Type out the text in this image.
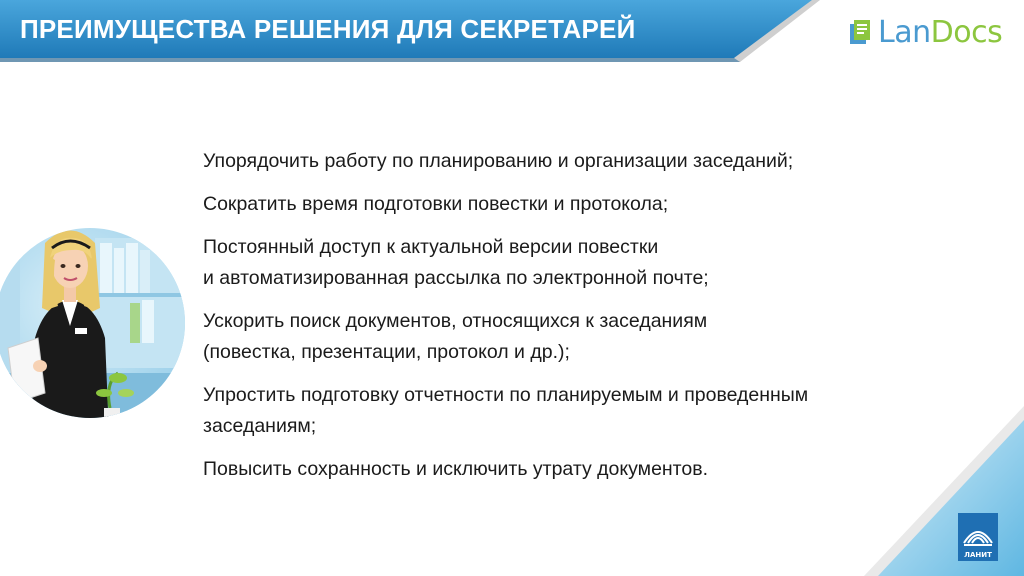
ПРЕИМУЩЕСТВА РЕШЕНИЯ ДЛЯ СЕКРЕТАРЕЙ	LanDocs
Упорядочить работу по планированию и организации заседаний;
Сократить время подготовки повестки и протокола;
Постоянный доступ к актуальной версии повестки
и автоматизированная рассылка по электронной почте;
Ускорить поиск документов, относящихся к заседаниям
(повестка, презентации, протокол и др.);
Упростить подготовку отчетности по планируемым и проведенным
заседаниям;
Повысить сохранность и исключить утрату документов.
ЛАНИТ
